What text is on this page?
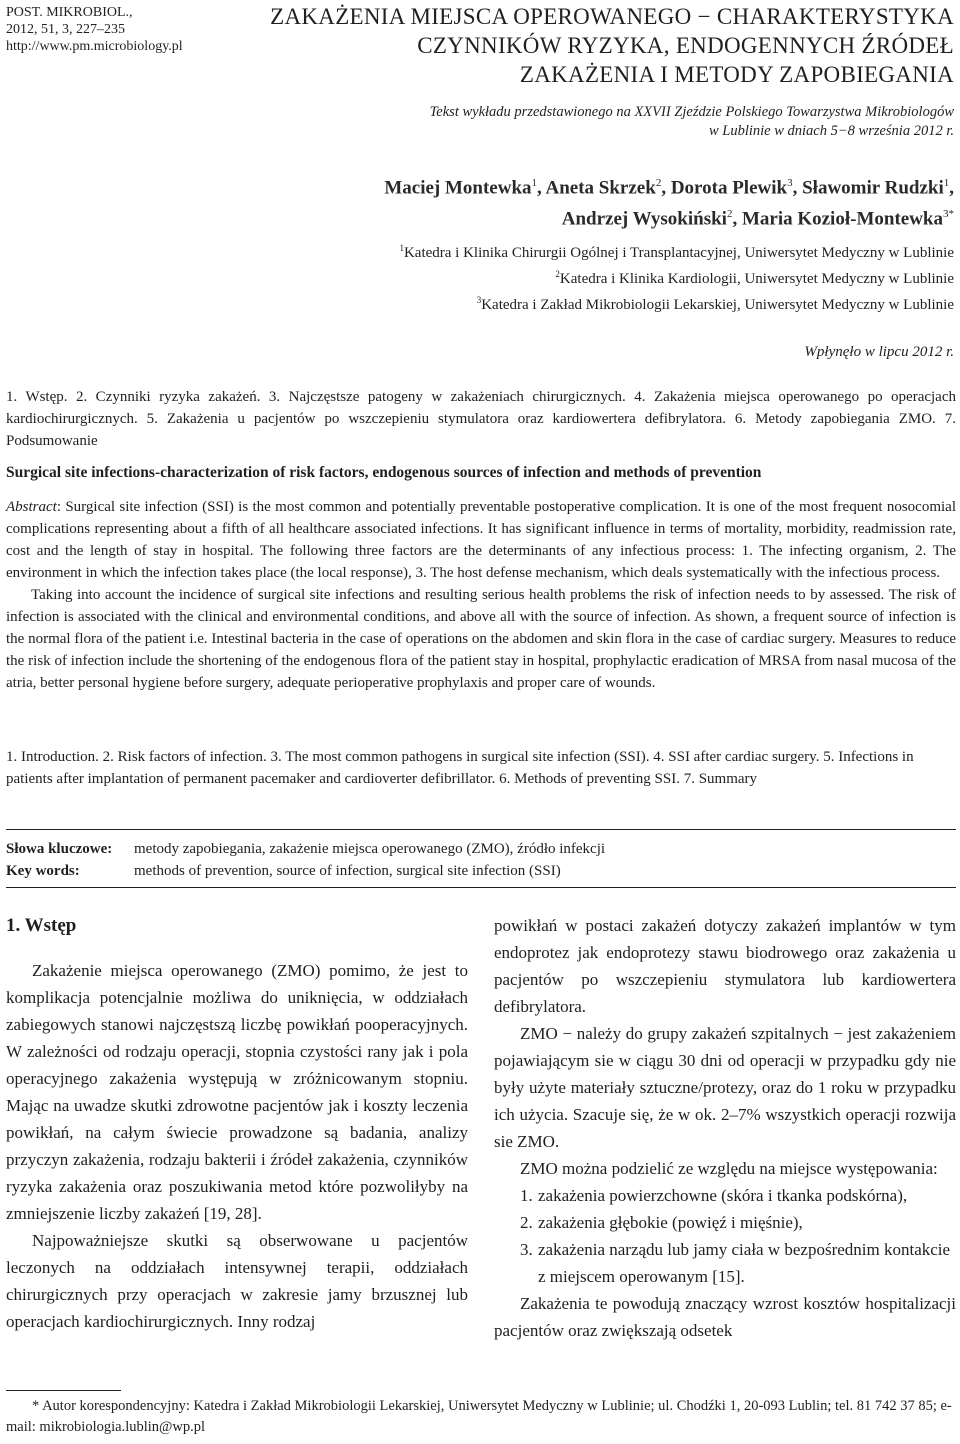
POST. MIKROBIOL.,
2012, 51, 3, 227–235
http://www.pm.microbiology.pl
ZAKAŻENIA MIEJSCA OPEROWANEGO − CHARAKTERYSTYKA
CZYNNIKÓW RYZYKA, ENDOGENNYCH ŹRÓDEŁ
ZAKAŻENIA I METODY ZAPOBIEGANIA
Tekst wykładu przedstawionego na XXVII Zjeździe Polskiego Towarzystwa Mikrobiologów
w Lublinie w dniach 5−8 września 2012 r.
Maciej Montewka$^1$, Aneta Skrzek$^2$, Dorota Plewik$^3$, Sławomir Rudzki$^1$,
Andrzej Wysokiński$^2$, Maria Kozioł-Montewka$^{3*}$
$^1$Katedra i Klinika Chirurgii Ogólnej i Transplantacyjnej, Uniwersytet Medyczny w Lublinie
$^2$Katedra i Klinika Kardiologii, Uniwersytet Medyczny w Lublinie
$^3$Katedra i Zakład Mikrobiologii Lekarskiej, Uniwersytet Medyczny w Lublinie
Wpłynęło w lipcu 2012 r.
1. Wstęp. 2. Czynniki ryzyka zakażeń. 3. Najczęstsze patogeny w zakażeniach chirurgicznych. 4. Zakażenia miejsca operowanego po operacjach kardiochirurgicznych. 5. Zakażenia u pacjentów po wszczepieniu stymulatora oraz kardiowertera defibrylatora. 6. Metody zapobiegania ZMO. 7. Podsumowanie
Surgical site infections-characterization of risk factors, endogenous sources of infection and methods of prevention

Abstract: Surgical site infection (SSI) is the most common and potentially preventable postoperative complication. It is one of the most frequent nosocomial complications representing about a fifth of all healthcare associated infections. It has significant influence in terms of mortality, morbidity, readmission rate, cost and the length of stay in hospital. The following three factors are the determinants of any infectious process: 1. The infecting organism, 2. The environment in which the infection takes place (the local response), 3. The host defense mechanism, which deals systematically with the infectious process.

Taking into account the incidence of surgical site infections and resulting serious health problems the risk of infection needs to by assessed. The risk of infection is associated with the clinical and environmental conditions, and above all with the source of infection. As shown, a frequent source of infection is the normal flora of the patient i.e. Intestinal bacteria in the case of operations on the abdomen and skin flora in the case of cardiac surgery. Measures to reduce the risk of infection include the shortening of the endogenous flora of the patient stay in hospital, prophylactic eradication of MRSA from nasal mucosa of the atria, better personal hygiene before surgery, adequate perioperative prophylaxis and proper care of wounds.

1. Introduction. 2. Risk factors of infection. 3. The most common pathogens in surgical site infection (SSI). 4. SSI after cardiac surgery. 5. Infections in patients after implantation of permanent pacemaker and cardioverter defibrillator. 6. Methods of preventing SSI. 7. Summary
Słowa kluczowe:	metody zapobiegania, zakażenie miejsca operowanego (ZMO), źródło infekcji
Key words:	methods of prevention, source of infection, surgical site infection (SSI)
1. Wstęp

Zakażenie miejsca operowanego (ZMO) pomimo, że jest to komplikacja potencjalnie możliwa do uniknięcia, w oddziałach zabiegowych stanowi najczęstszą liczbę powikłań pooperacyjnych. W zależności od rodzaju operacji, stopnia czystości rany jak i pola operacyjnego zakażenia występują w zróżnicowanym stopniu. Mając na uwadze skutki zdrowotne pacjentów jak i koszty leczenia powikłań, na całym świecie prowadzone są badania, analizy przyczyn zakażenia, rodzaju bakterii i źródeł zakażenia, czynników ryzyka zakażenia oraz poszukiwania metod które pozwoliłyby na zmniejszenie liczby zakażeń [19, 28].

Najpoważniejsze skutki są obserwowane u pacjentów leczonych na oddziałach intensywnej terapii, oddziałach chirurgicznych przy operacjach w zakresie jamy brzusznej lub operacjach kardiochirurgicznych. Inny rodzaj

powikłań w postaci zakażeń dotyczy zakażeń implantów w tym endoprotez jak endoprotezy stawu biodrowego oraz zakażenia u pacjentów po wszczepieniu stymulatora lub kardiowertera defibrylatora.

ZMO − należy do grupy zakażeń szpitalnych − jest zakażeniem pojawiającym sie w ciągu 30 dni od operacji w przypadku gdy nie były użyte materiały sztuczne/protezy, oraz do 1 roku w przypadku ich użycia. Szacuje się, że w ok. 2–7% wszystkich operacji rozwija sie ZMO.

ZMO można podzielić ze względu na miejsce występowania:

1. zakażenia powierzchowne (skóra i tkanka podskórna),
2. zakażenia głębokie (powięź i mięśnie),
3. zakażenia narządu lub jamy ciała w bezpośrednim kontakcie z miejscem operowanym [15].

Zakażenia te powodują znaczący wzrost kosztów hospitalizacji pacjentów oraz zwiększają odsetek

* Autor korespondencyjny: Katedra i Zakład Mikrobiologii Lekarskiej, Uniwersytet Medyczny w Lublinie; ul. Chodźki 1, 20-093 Lublin; tel. 81 742 37 85; e-mail: mikrobiologia.lublin@wp.pl
